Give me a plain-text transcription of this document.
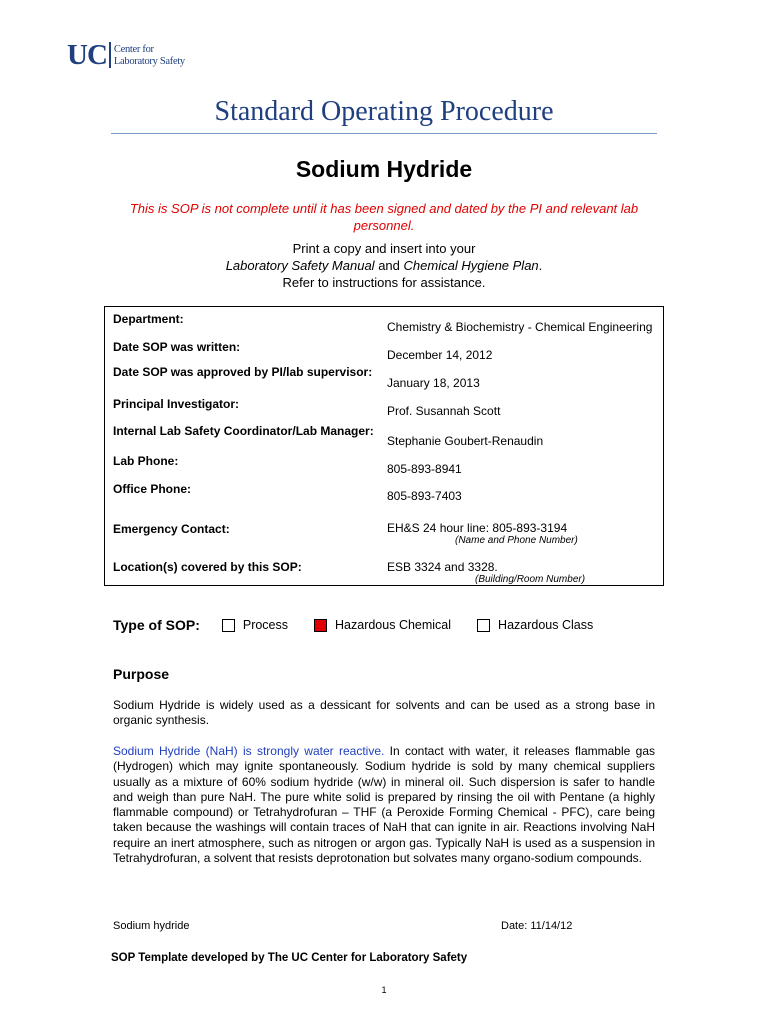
UC Center for
Laboratory Safety
Standard Operating Procedure
Sodium Hydride
This is SOP is not complete until it has been signed and dated by the PI and relevant lab personnel.
Print a copy and insert into your
Laboratory Safety Manual and Chemical Hygiene Plan.
Refer to instructions for assistance.
Department:	Chemistry & Biochemistry - Chemical Engineering
Date SOP was written:	December 14, 2012
Date SOP was approved by PI/lab supervisor:	January 18, 2013
Principal Investigator:	Prof. Susannah Scott
Internal Lab Safety Coordinator/Lab Manager:	Stephanie Goubert-Renaudin
Lab Phone:	805-893-8941
Office Phone:	805-893-7403
Emergency Contact:	EH&S 24 hour line: 805-893-3194
(Name and Phone Number)

Location(s) covered by this SOP:	ESB 3324 and 3328.
(Building/Room Number)
Type of SOP:	Process	Hazardous Chemical	Hazardous Class
Purpose
Sodium Hydride is widely used as a dessicant for solvents and can be used as a strong base in organic synthesis.
Sodium Hydride (NaH) is strongly water reactive. In contact with water, it releases flammable gas (Hydrogen) which may ignite spontaneously. Sodium hydride is sold by many chemical suppliers usually as a mixture of 60% sodium hydride (w/w) in mineral oil. Such dispersion is safer to handle and weigh than pure NaH. The pure white solid is prepared by rinsing the oil with Pentane (a highly flammable compound) or Tetrahydrofuran – THF (a Peroxide Forming Chemical - PFC), care being taken because the washings will contain traces of NaH that can ignite in air. Reactions involving NaH require an inert atmosphere, such as nitrogen or argon gas. Typically NaH is used as a suspension in Tetrahydrofuran, a solvent that resists deprotonation but solvates many organo-sodium compounds.
Sodium hydride	Date: 11/14/12
SOP Template developed by The UC Center for Laboratory Safety
1
